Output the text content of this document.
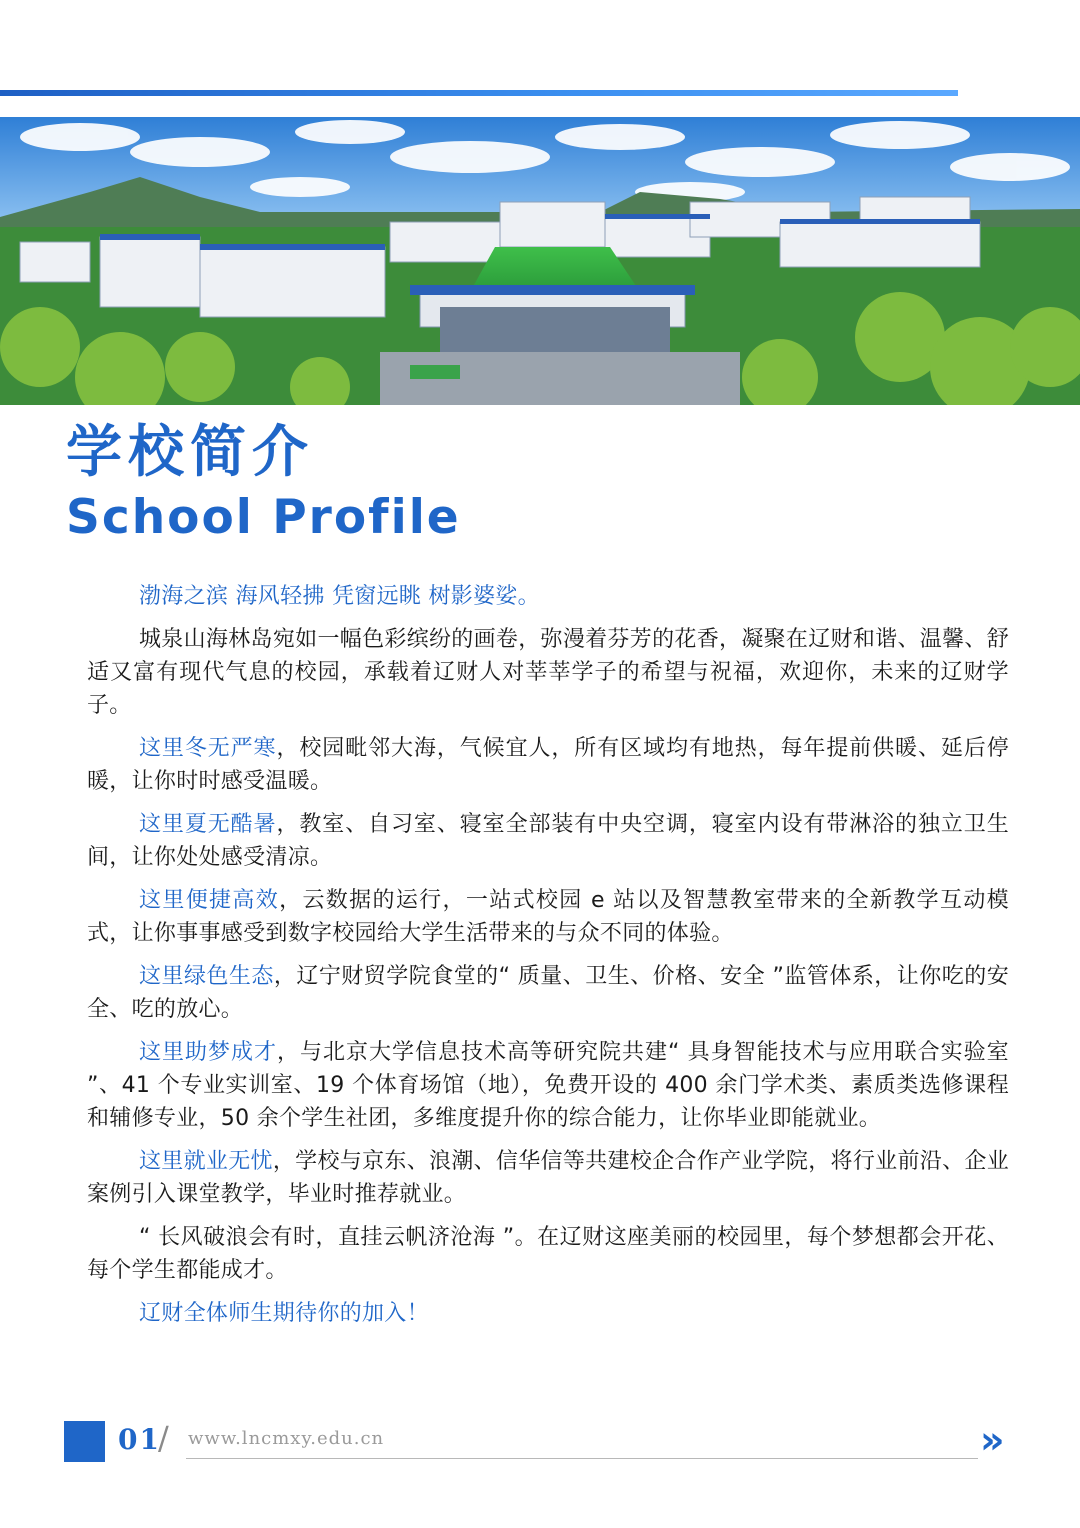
学校简介
School Profile

渤海之滨 海风轻拂 凭窗远眺 树影婆娑。

城泉山海林岛宛如一幅色彩缤纷的画卷，弥漫着芬芳的花香，凝聚在辽财和谐、温馨、舒适又富有现代气息的校园，承载着辽财人对莘莘学子的希望与祝福，欢迎你，未来的辽财学子。

这里冬无严寒，校园毗邻大海，气候宜人，所有区域均有地热，每年提前供暖、延后停暖，让你时时感受温暖。

这里夏无酷暑，教室、自习室、寝室全部装有中央空调，寝室内设有带淋浴的独立卫生间，让你处处感受清凉。

这里便捷高效，云数据的运行，一站式校园 e 站以及智慧教室带来的全新教学互动模式，让你事事感受到数字校园给大学生活带来的与众不同的体验。

这里绿色生态，辽宁财贸学院食堂的“ 质量、卫生、价格、安全 ”监管体系，让你吃的安全、吃的放心。

这里助梦成才，与北京大学信息技术高等研究院共建“ 具身智能技术与应用联合实验室 ”、41 个专业实训室、19 个体育场馆（地），免费开设的 400 余门学术类、素质类选修课程和辅修专业，50 余个学生社团，多维度提升你的综合能力，让你毕业即能就业。

这里就业无忧，学校与京东、浪潮、信华信等共建校企合作产业学院，将行业前沿、企业案例引入课堂教学，毕业时推荐就业。

“ 长风破浪会有时，直挂云帆济沧海 ”。在辽财这座美丽的校园里，每个梦想都会开花、每个学生都能成才。

辽财全体师生期待你的加入！

01
/ www.lncmxy.edu.cn	»
